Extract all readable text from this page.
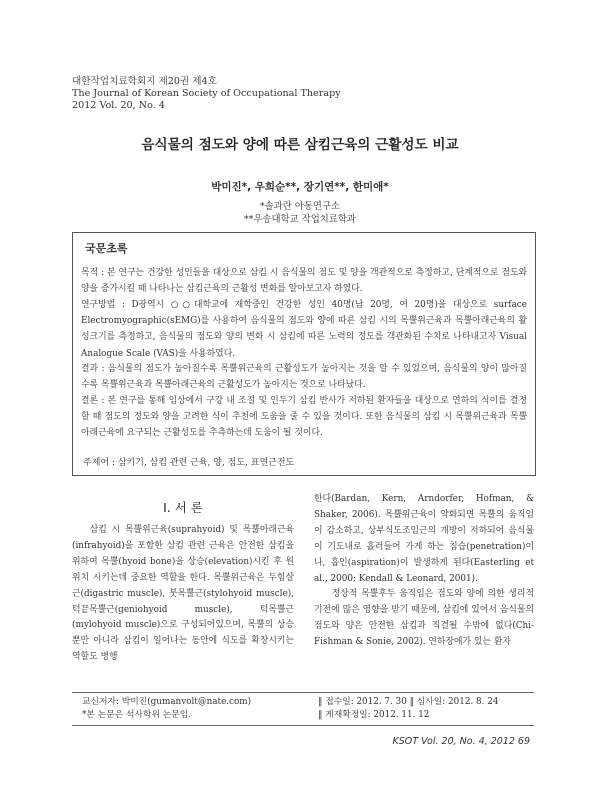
대한작업치료학회지 제20권 제4호
The Journal of Korean Society of Occupational Therapy
2012 Vol. 20, No. 4
음식물의 점도와 양에 따른 삼킴근육의 근활성도 비교
박미진*, 우희순**, 장기연**, 한미애*
*솔과란 아동연구소
**우송대학교 작업치료학과
국문초록

목적 : 본 연구는 건강한 성인들을 대상으로 삼킴 시 음식물의 점도 및 양을 객관적으로 측정하고, 단계적으로 점도와 양을 증가시킬 때 나타나는 삼킴근육의 근활성 변화를 알아보고자 하였다.

연구방법 : D광역시 ○○대학교에 재학중인 건강한 성인 40명(남 20명, 여 20명)을 대상으로 surface Electromyographic(sEMG)를 사용하여 음식물의 점도와 양에 따른 삼킴 시의 목뿔위근육과 목뿔아래근육의 활성크기를 측정하고, 음식물의 점도와 양의 변화 시 삼킴에 따른 노력의 정도를 객관화된 수치로 나타내고자 Visual Analogue Scale (VAS)을 사용하였다.

결과 : 음식물의 점도가 높아질수록 목뿔위근육의 근활성도가 높아지는 것을 알 수 있었으며, 음식물의 양이 많아질수록 목뿔위근육과 목뿔아래근육의 근활성도가 높아지는 것으로 나타났다.

결론 : 본 연구를 통해 임상에서 구강 내 조절 및 인두기 삼킴 반사가 저하된 환자들을 대상으로 연하의 식이를 결정할 때 점도의 정도와 양을 고려한 식이 추천에 도움을 줄 수 있을 것이다. 또한 음식물의 삼킴 시 목뿔위근육과 목뿔아래근육에 요구되는 근활성도를 추측하는데 도움이 될 것이다.

주제어 : 삼키기, 삼킴 관련 근육, 양, 점도, 표면근전도
Ⅰ. 서 론

삼킴 시 목뿔위근육(suprahyoid) 및 목뿔아래근육(infrahyoid)을 포함한 삼킴 관련 근육은 안전한 삼킴을 위하여 목뿔(hyoid bone)을 상승(elevation)시킨 후 원위치 시키는데 중요한 역할을 한다. 목뿔위근육은 두힘살근(digastric muscle), 붓목뿔근(stylohyoid muscle), 턱끝목뿔근(geniohyoid muscle), 턱목뿔근(mylohyoid muscle)으로 구성되어있으며, 목뿔의 상승뿐만 아니라 삼킴이 일어나는 동안에 식도를 확장시키는 역할도 병행

한다(Bardan, Kern, Arndorfer, Hofman, & Shaker, 2006). 목뿔위근육이 약화되면 목뿔의 움직임이 감소하고, 상부식도조임근의 개방이 저하되어 음식물이 기도내로 흘러들어 가게 하는 침습(penetration)이나, 흡인(aspiration)이 발생하게 된다(Easterling et al., 2000; Kendall & Leonard, 2001).

정상적 목뿔후두 움직임은 점도와 양에 의한 생리적 기전에 많은 영향을 받기 때문에, 삼킴에 있어서 음식물의 점도와 양은 안전한 삼킴과 직결될 수밖에 없다(Chi-Fishman & Sonie, 2002). 연하장애가 있는 환자

교신저자: 박미진(gumanvolt@nate.com)
*본 논문은 석사학위 논문임.
‖ 접수일: 2012. 7. 30 ‖ 심사일: 2012. 8. 24
‖ 게재확정일: 2012. 11. 12
KSOT Vol. 20, No. 4, 2012 69
